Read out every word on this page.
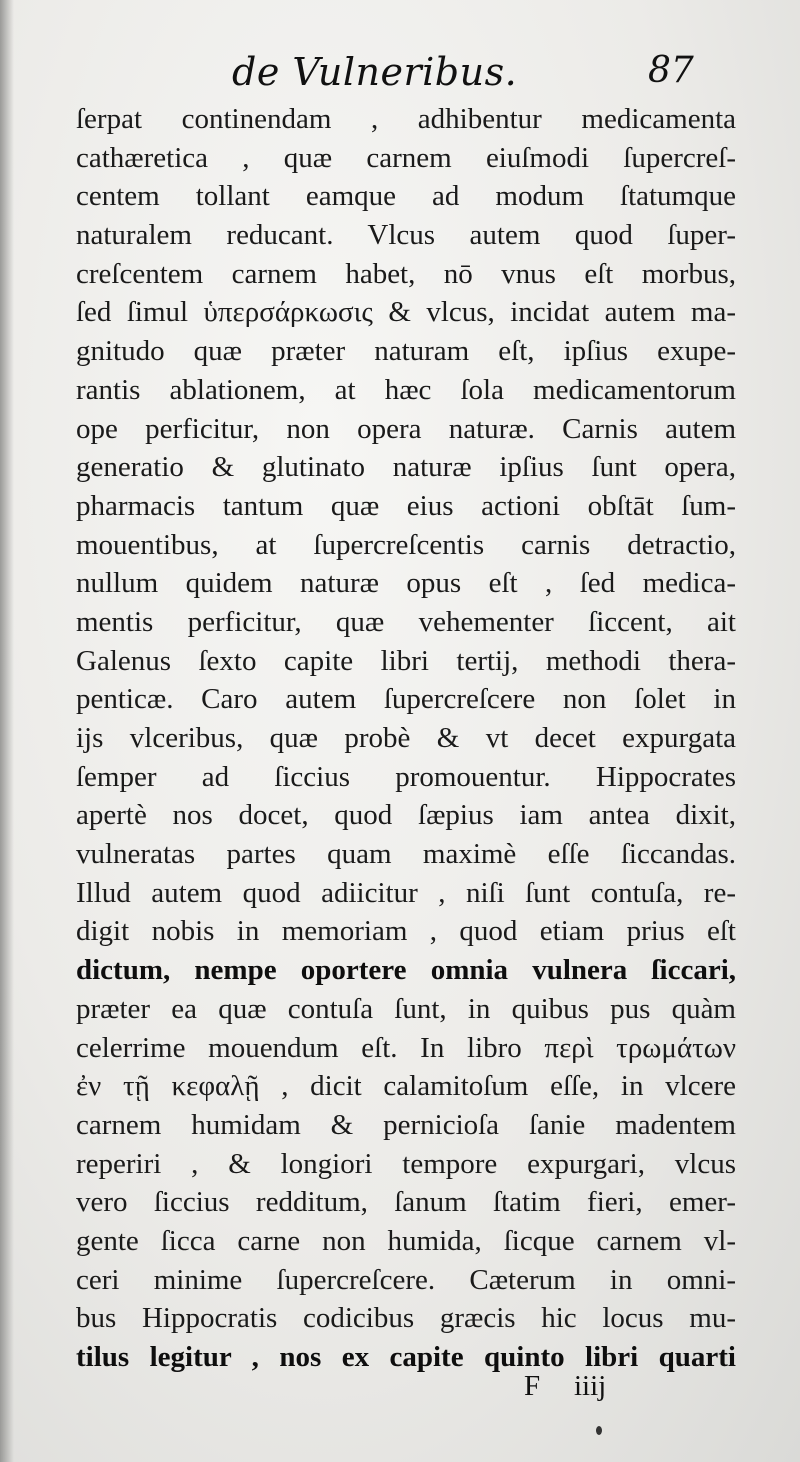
de Vulneribus.	87
ſerpat continendam , adhibentur medicamenta
cathæretica , quæ carnem eiuſmodi ſupercreſ-
centem tollant eamque ad modum ſtatumque
naturalem reducant. Vlcus autem quod ſuper-
creſcentem carnem habet, nō vnus eſt morbus,
ſed ſimul ὑπερσάρκωσις & vlcus, incidat autem ma-
gnitudo quæ præter naturam eſt, ipſius exupe-
rantis ablationem, at hæc ſola medicamentorum
ope perficitur, non opera naturæ. Carnis autem
generatio & glutinato naturæ ipſius ſunt opera,
pharmacis tantum quæ eius actioni obſtāt ſum-
mouentibus, at ſupercreſcentis carnis detractio,
nullum quidem naturæ opus eſt , ſed medica-
mentis perficitur, quæ vehementer ſiccent, ait
Galenus ſexto capite libri tertij, methodi thera-
penticæ. Caro autem ſupercreſcere non ſolet in
ijs vlceribus, quæ probè & vt decet expurgata
ſemper ad ſiccius promouentur. Hippocrates
apertè nos docet, quod ſæpius iam antea dixit,
vulneratas partes quam maximè eſſe ſiccandas.
Illud autem quod adiicitur , niſi ſunt contuſa, re-
digit nobis in memoriam , quod etiam prius eſt
dictum, nempe oportere omnia vulnera ſiccari,
præter ea quæ contuſa ſunt, in quibus pus quàm
celerrime mouendum eſt. In libro περὶ τρωμάτων
ἐν τῇ κεφαλῇ , dicit calamitoſum eſſe, in vlcere
carnem humidam & pernicioſa ſanie madentem
reperiri , & longiori tempore expurgari, vlcus
vero ſiccius redditum, ſanum ſtatim fieri, emer-
gente ſicca carne non humida, ſicque carnem vl-
ceri minime ſupercreſcere. Cæterum in omni-
bus Hippocratis codicibus græcis hic locus mu-
tilus legitur , nos ex capite quinto libri quarti
F iiij
